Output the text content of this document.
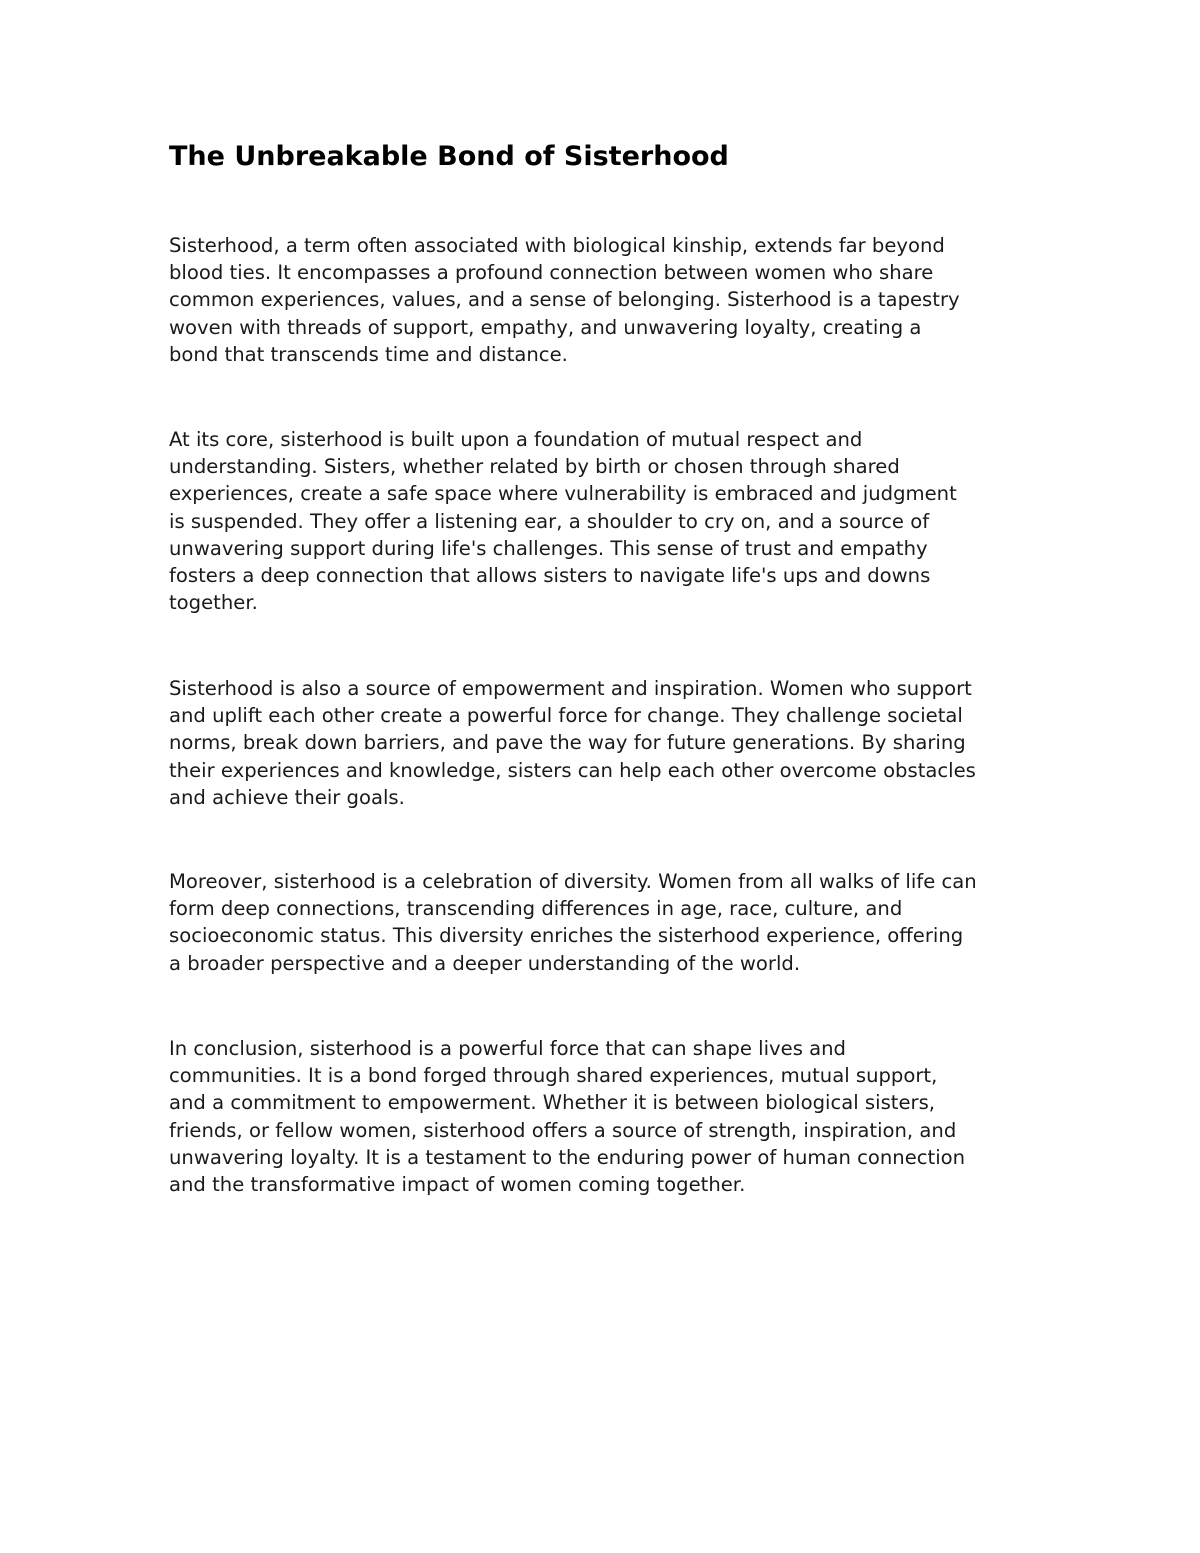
The Unbreakable Bond of Sisterhood

Sisterhood, a term often associated with biological kinship, extends far beyond
blood ties. It encompasses a profound connection between women who share
common experiences, values, and a sense of belonging. Sisterhood is a tapestry
woven with threads of support, empathy, and unwavering loyalty, creating a
bond that transcends time and distance.

At its core, sisterhood is built upon a foundation of mutual respect and
understanding. Sisters, whether related by birth or chosen through shared
experiences, create a safe space where vulnerability is embraced and judgment
is suspended. They offer a listening ear, a shoulder to cry on, and a source of
unwavering support during life's challenges. This sense of trust and empathy
fosters a deep connection that allows sisters to navigate life's ups and downs
together.

Sisterhood is also a source of empowerment and inspiration. Women who support
and uplift each other create a powerful force for change. They challenge societal
norms, break down barriers, and pave the way for future generations. By sharing
their experiences and knowledge, sisters can help each other overcome obstacles
and achieve their goals.

Moreover, sisterhood is a celebration of diversity. Women from all walks of life can
form deep connections, transcending differences in age, race, culture, and
socioeconomic status. This diversity enriches the sisterhood experience, offering
a broader perspective and a deeper understanding of the world.

In conclusion, sisterhood is a powerful force that can shape lives and
communities. It is a bond forged through shared experiences, mutual support,
and a commitment to empowerment. Whether it is between biological sisters,
friends, or fellow women, sisterhood offers a source of strength, inspiration, and
unwavering loyalty. It is a testament to the enduring power of human connection
and the transformative impact of women coming together.
